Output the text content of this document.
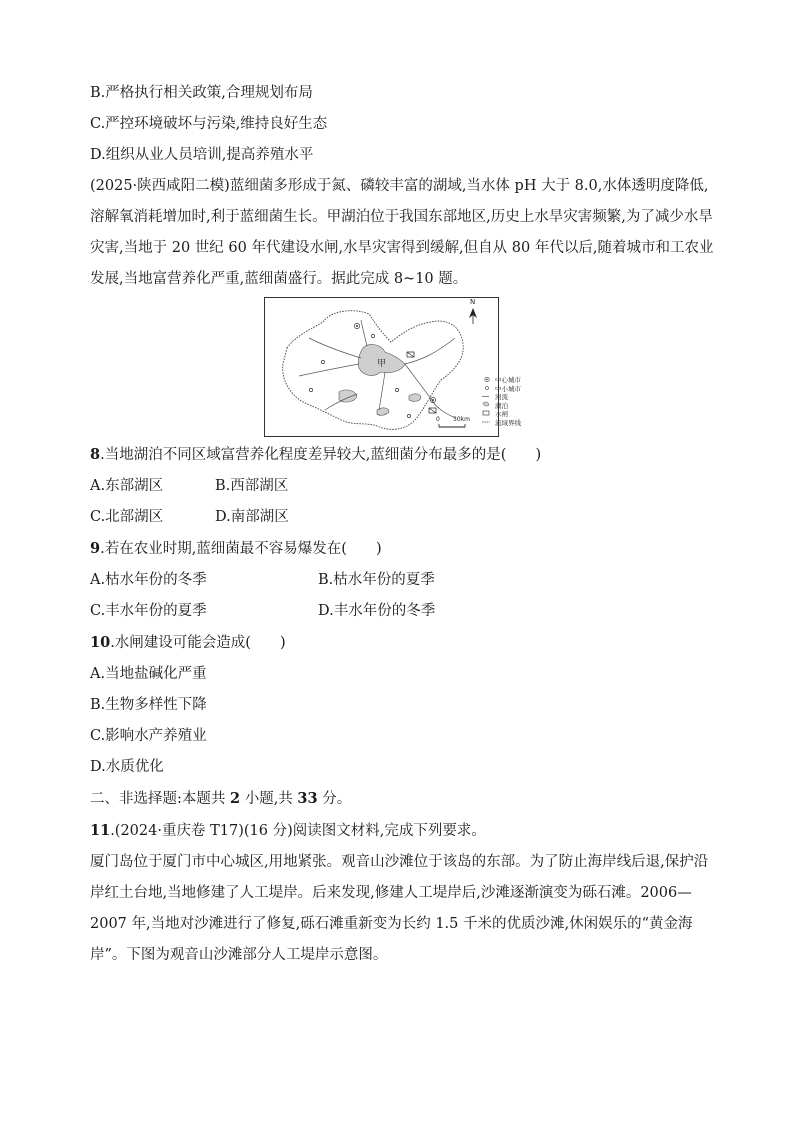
B.严格执行相关政策,合理规划布局
C.严控环境破坏与污染,维持良好生态
D.组织从业人员培训,提高养殖水平
(2025·陕西咸阳二模)蓝细菌多形成于氮、磷较丰富的湖域,当水体 pH 大于 8.0,水体透明度降低,溶解氧消耗增加时,利于蓝细菌生长。甲湖泊位于我国东部地区,历史上水旱灾害频繁,为了减少水旱灾害,当地于 20 世纪 60 年代建设水闸,水旱灾害得到缓解,但自从 80 年代以后,随着城市和工农业发展,当地富营养化严重,蓝细菌盛行。据此完成 8~10 题。
N
甲
0 30km
中心城市
中小城市
河流
湖泊
水闸
流域界线
8.当地湖泊不同区域富营养化程度差异较大,蓝细菌分布最多的是(　　)
A.东部湖区	B.西部湖区
C.北部湖区	D.南部湖区
9.若在农业时期,蓝细菌最不容易爆发在(　　)
A.枯水年份的冬季	B.枯水年份的夏季
C.丰水年份的夏季	D.丰水年份的冬季
10.水闸建设可能会造成(　　)
A.当地盐碱化严重
B.生物多样性下降
C.影响水产养殖业
D.水质优化
二、非选择题:本题共 2 小题,共 33 分。
11.(2024·重庆卷 T17)(16 分)阅读图文材料,完成下列要求。
厦门岛位于厦门市中心城区,用地紧张。观音山沙滩位于该岛的东部。为了防止海岸线后退,保护沿岸红土台地,当地修建了人工堤岸。后来发现,修建人工堤岸后,沙滩逐渐演变为砾石滩。2006—2007 年,当地对沙滩进行了修复,砾石滩重新变为长约 1.5 千米的优质沙滩,休闲娱乐的“黄金海岸”。下图为观音山沙滩部分人工堤岸示意图。
